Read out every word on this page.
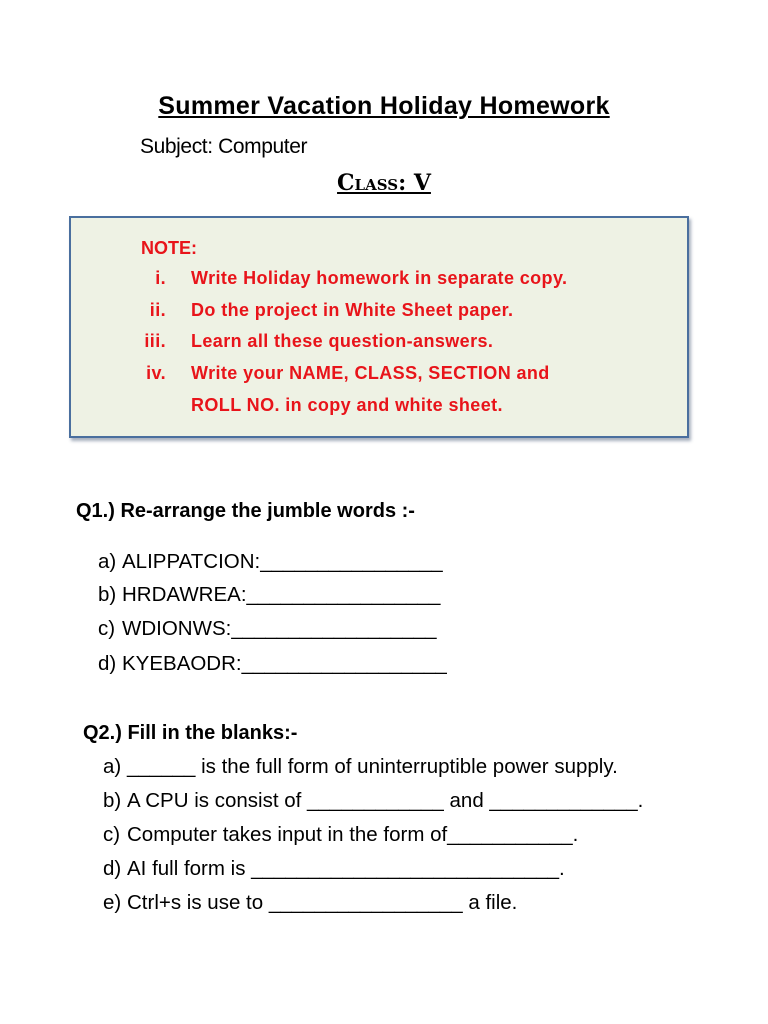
Summer Vacation Holiday Homework
Subject: Computer
Class: V
NOTE:
i. Write Holiday homework in separate copy.
ii. Do the project in White Sheet paper.
iii. Learn all these question-answers.
iv. Write your NAME, CLASS, SECTION and
ROLL NO. in copy and white sheet.
Q1.) Re-arrange the jumble words :-
a) ALIPPATCION:________________
b) HRDAWREA:_________________
c) WDIONWS:__________________
d) KYEBAODR:__________________
Q2.) Fill in the blanks:-
a) ______ is the full form of uninterruptible power supply.
b) A CPU is consist of ____________ and _____________.
c) Computer takes input in the form of___________.
d) AI full form is ___________________________.
e) Ctrl+s is use to _________________ a file.
